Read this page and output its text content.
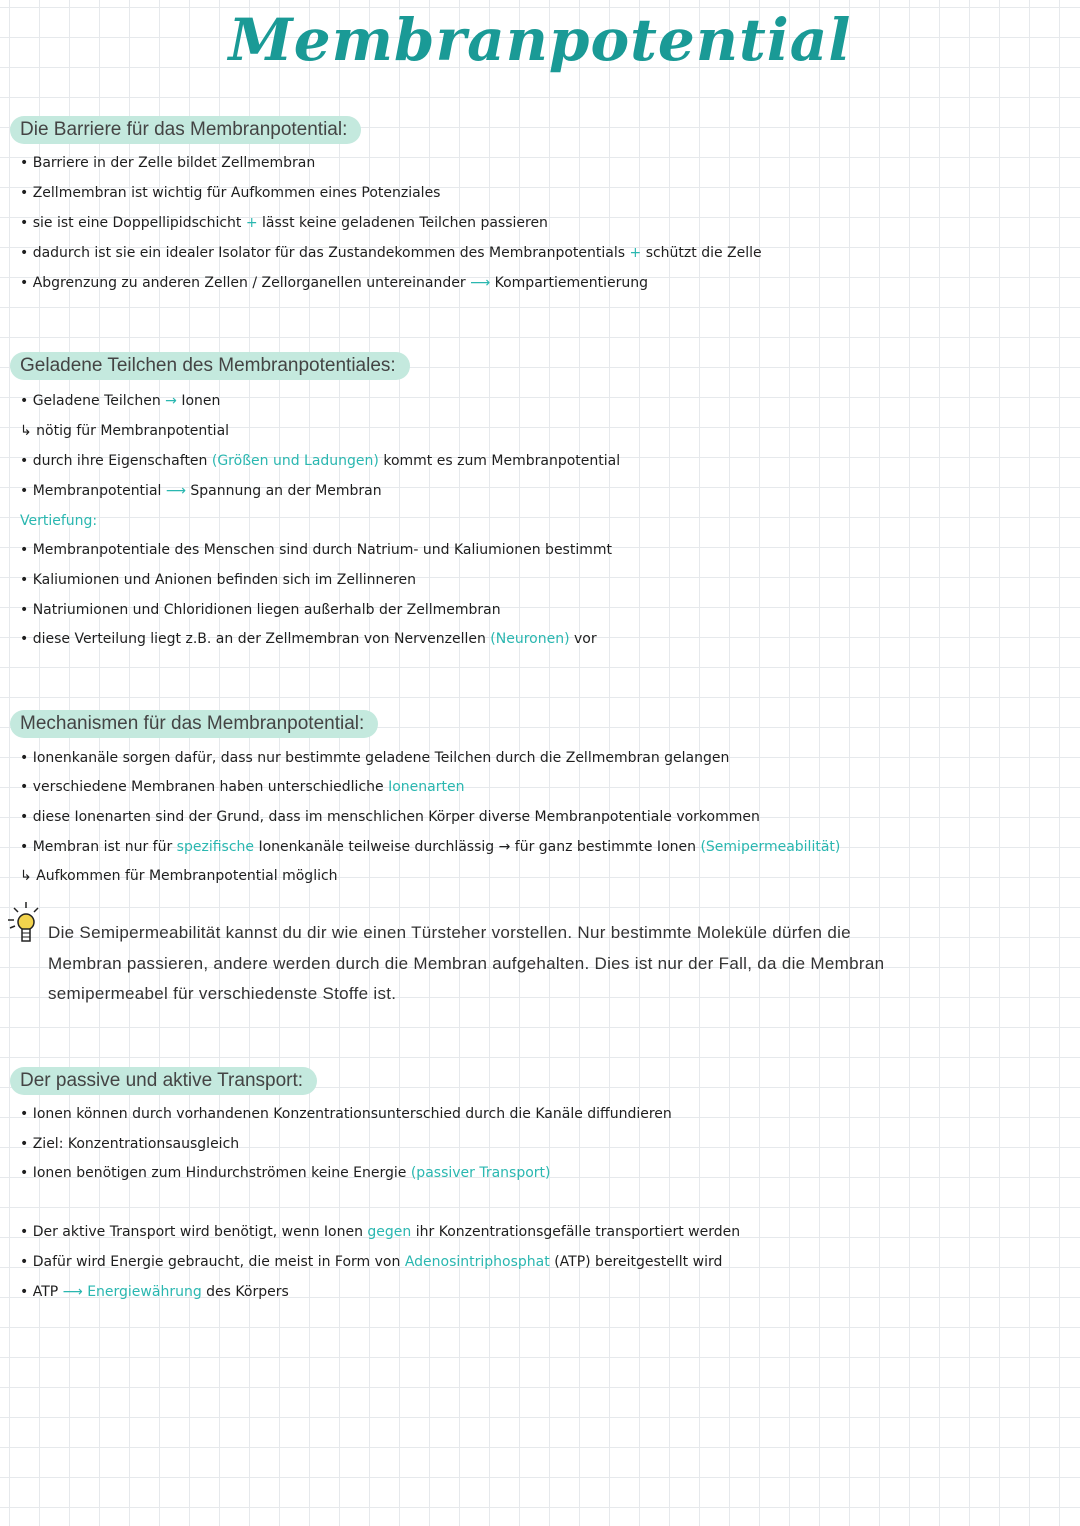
Membranpotential
Die Barriere für das Membranpotential:
• Barriere in der Zelle bildet Zellmembran
• Zellmembran ist wichtig für Aufkommen eines Potenziales
• sie ist eine Doppellipidschicht + lässt keine geladenen Teilchen passieren
• dadurch ist sie ein idealer Isolator für das Zustandekommen des Membranpotentials + schützt die Zelle
• Abgrenzung zu anderen Zellen / Zellorganellen untereinander ⟶ Kompartiementierung
Geladene Teilchen des Membranpotentiales:
• Geladene Teilchen → Ionen
↳ nötig für Membranpotential
• durch ihre Eigenschaften (Größen und Ladungen) kommt es zum Membranpotential
• Membranpotential ⟶ Spannung an der Membran
Vertiefung:
• Membranpotentiale des Menschen sind durch Natrium- und Kaliumionen bestimmt
• Kaliumionen und Anionen befinden sich im Zellinneren
• Natriumionen und Chloridionen liegen außerhalb der Zellmembran
• diese Verteilung liegt z.B. an der Zellmembran von Nervenzellen (Neuronen) vor
Mechanismen für das Membranpotential:
• Ionenkanäle sorgen dafür, dass nur bestimmte geladene Teilchen durch die Zellmembran gelangen
• verschiedene Membranen haben unterschiedliche Ionenarten
• diese Ionenarten sind der Grund, dass im menschlichen Körper diverse Membranpotentiale vorkommen
• Membran ist nur für spezifische Ionenkanäle teilweise durchlässig → für ganz bestimmte Ionen (Semipermeabilität)
↳ Aufkommen für Membranpotential möglich
Die Semipermeabilität kannst du dir wie einen Türsteher vorstellen. Nur bestimmte Moleküle dürfen die
Membran passieren, andere werden durch die Membran aufgehalten. Dies ist nur der Fall, da die Membran
semipermeabel für verschiedenste Stoffe ist.
Der passive und aktive Transport:
• Ionen können durch vorhandenen Konzentrationsunterschied durch die Kanäle diffundieren
• Ziel: Konzentrationsausgleich
• Ionen benötigen zum Hindurchströmen keine Energie (passiver Transport)
• Der aktive Transport wird benötigt, wenn Ionen gegen ihr Konzentrationsgefälle transportiert werden
• Dafür wird Energie gebraucht, die meist in Form von Adenosintriphosphat (ATP) bereitgestellt wird
• ATP ⟶ Energiewährung des Körpers
